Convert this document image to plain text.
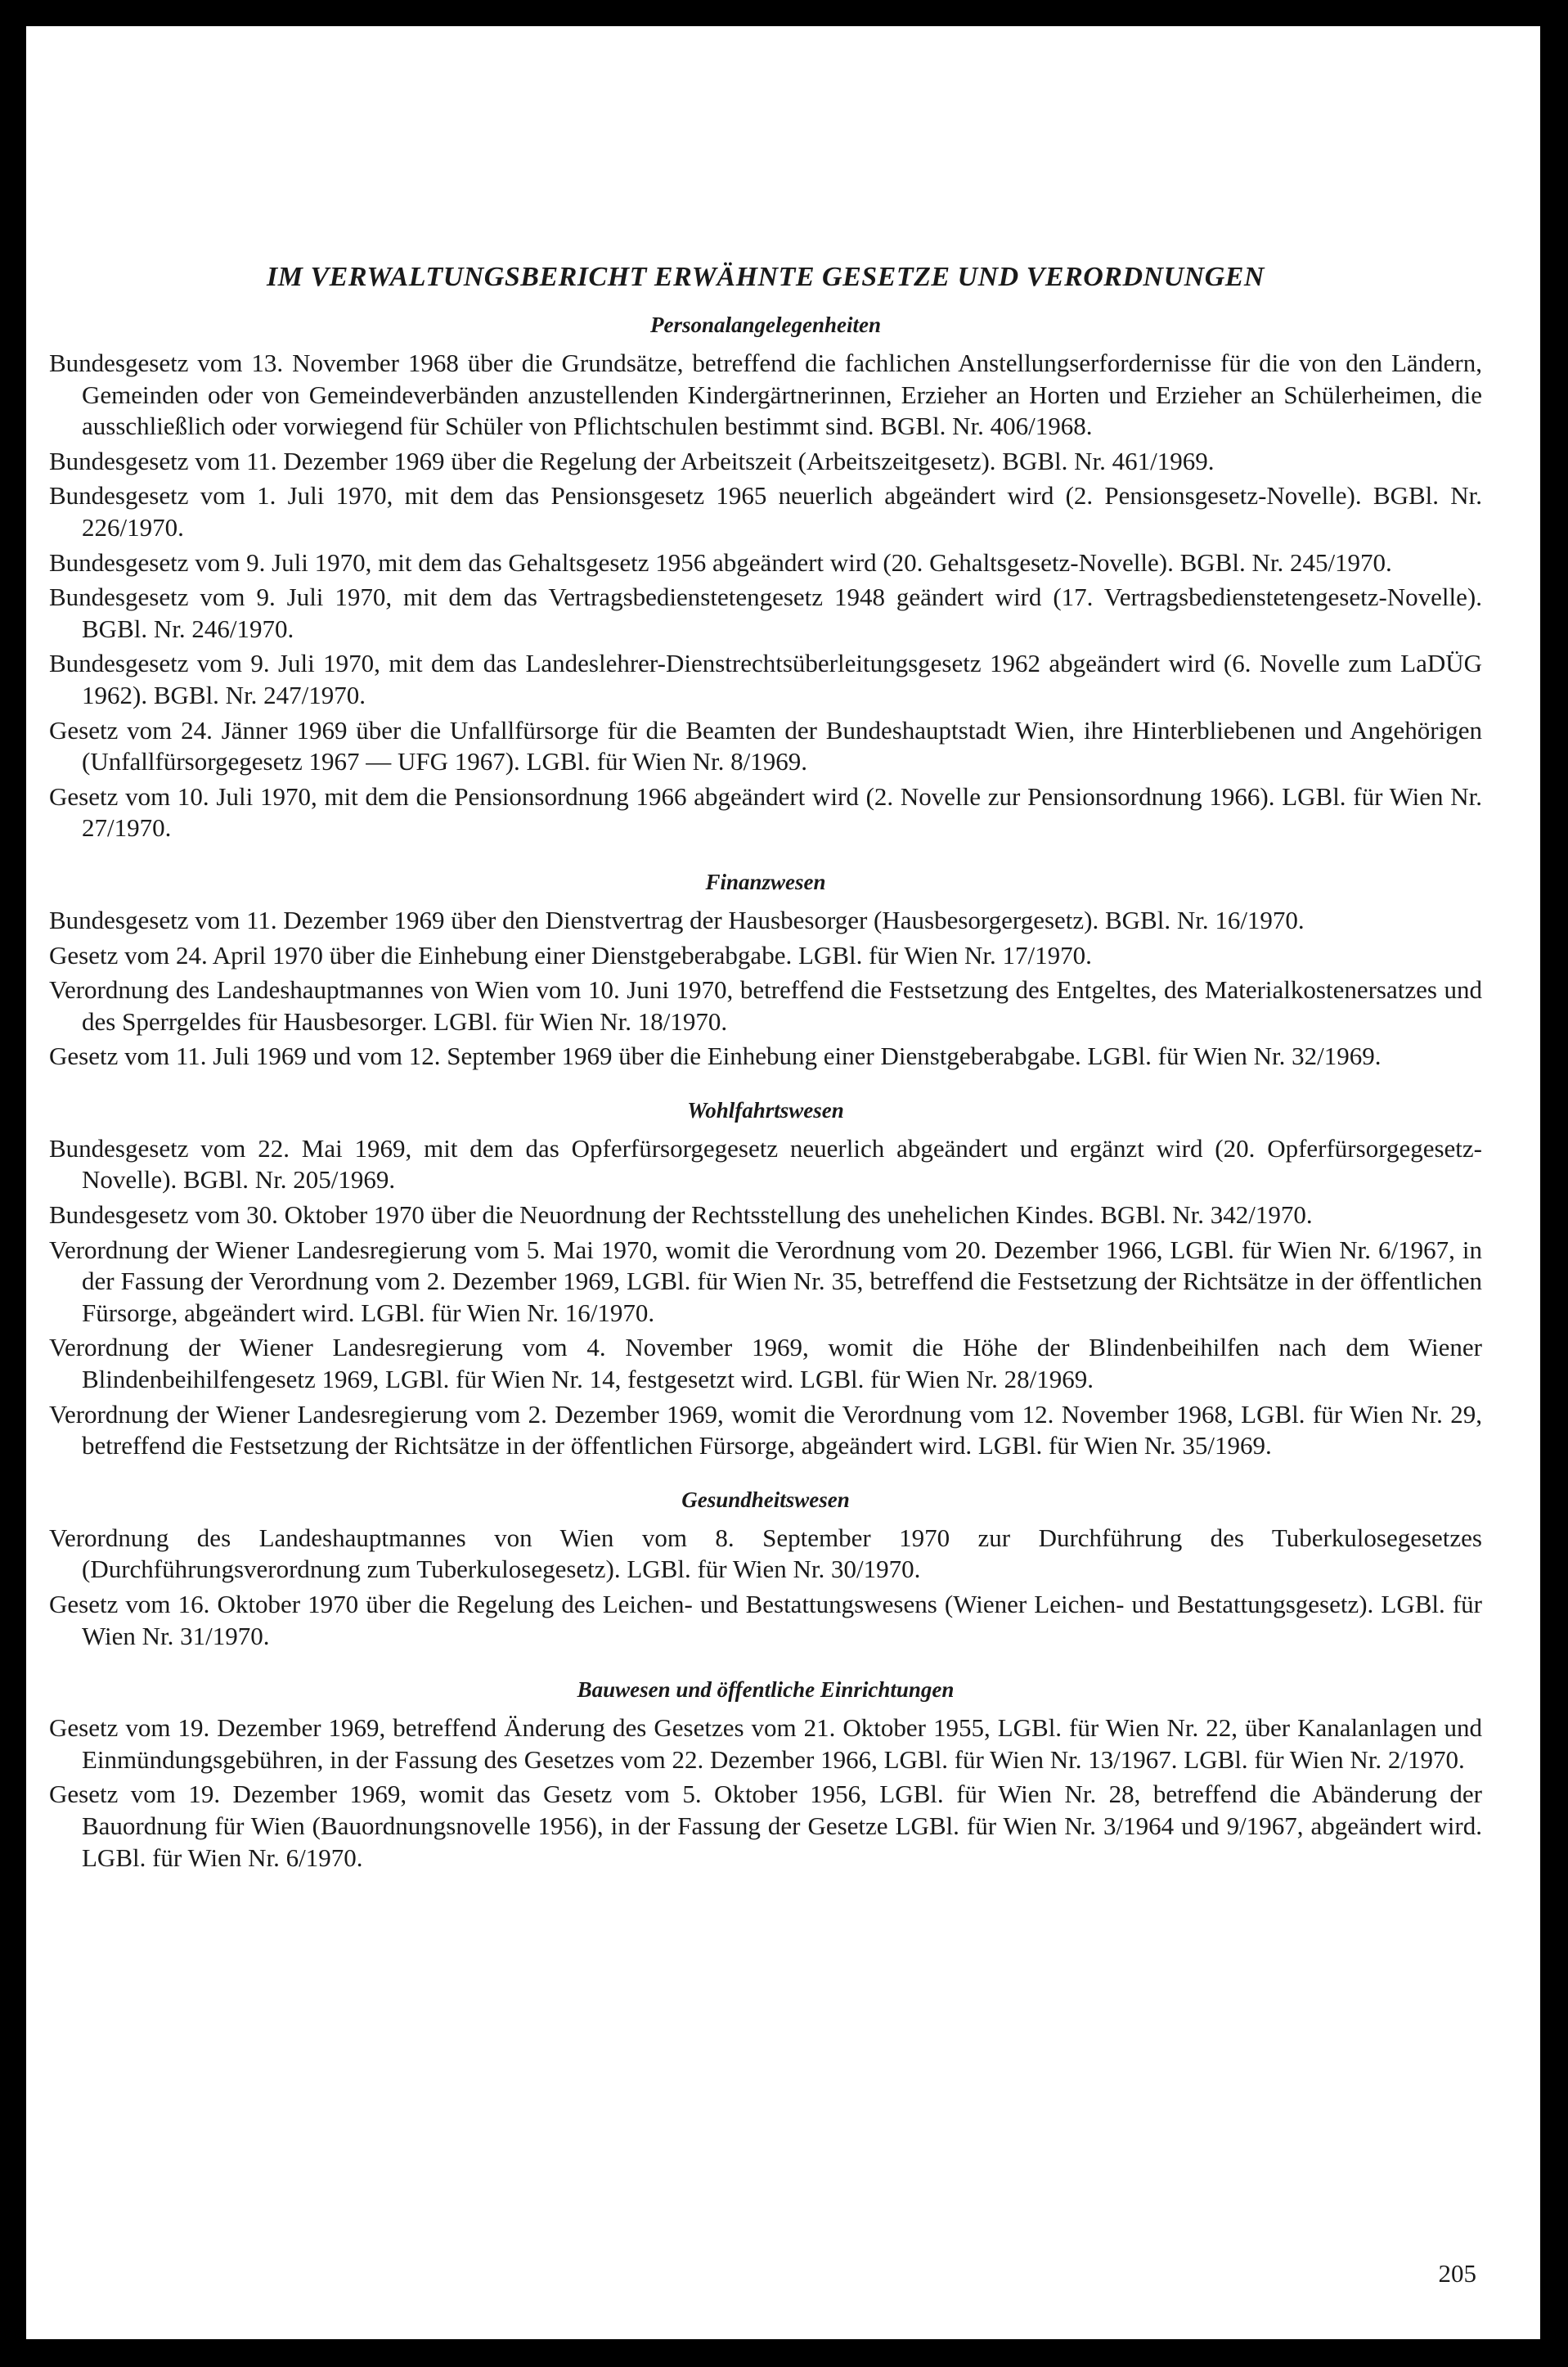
IM VERWALTUNGSBERICHT ERWÄHNTE GESETZE UND VERORDNUNGEN
Personalangelegenheiten

Bundesgesetz vom 13. November 1968 über die Grundsätze, betreffend die fachlichen Anstellungserfordernisse für die von den Ländern, Gemeinden oder von Gemeindeverbänden anzustellenden Kindergärtnerinnen, Erzieher an Horten und Erzieher an Schülerheimen, die ausschließlich oder vorwiegend für Schüler von Pflichtschulen bestimmt sind. BGBl. Nr. 406/1968.

Bundesgesetz vom 11. Dezember 1969 über die Regelung der Arbeitszeit (Arbeitszeitgesetz). BGBl. Nr. 461/1969.

Bundesgesetz vom 1. Juli 1970, mit dem das Pensionsgesetz 1965 neuerlich abgeändert wird (2. Pensionsgesetz-Novelle). BGBl. Nr. 226/1970.

Bundesgesetz vom 9. Juli 1970, mit dem das Gehaltsgesetz 1956 abgeändert wird (20. Gehaltsgesetz-Novelle). BGBl. Nr. 245/1970.

Bundesgesetz vom 9. Juli 1970, mit dem das Vertragsbedienstetengesetz 1948 geändert wird (17. Vertragsbedienstetengesetz-Novelle). BGBl. Nr. 246/1970.

Bundesgesetz vom 9. Juli 1970, mit dem das Landeslehrer-Dienstrechtsüberleitungsgesetz 1962 abgeändert wird (6. Novelle zum LaDÜG 1962). BGBl. Nr. 247/1970.

Gesetz vom 24. Jänner 1969 über die Unfallfürsorge für die Beamten der Bundeshauptstadt Wien, ihre Hinterbliebenen und Angehörigen (Unfallfürsorgegesetz 1967 — UFG 1967). LGBl. für Wien Nr. 8/1969.

Gesetz vom 10. Juli 1970, mit dem die Pensionsordnung 1966 abgeändert wird (2. Novelle zur Pensionsordnung 1966). LGBl. für Wien Nr. 27/1970.

Finanzwesen

Bundesgesetz vom 11. Dezember 1969 über den Dienstvertrag der Hausbesorger (Hausbesorgergesetz). BGBl. Nr. 16/1970.

Gesetz vom 24. April 1970 über die Einhebung einer Dienstgeberabgabe. LGBl. für Wien Nr. 17/1970.

Verordnung des Landeshauptmannes von Wien vom 10. Juni 1970, betreffend die Festsetzung des Entgeltes, des Materialkostenersatzes und des Sperrgeldes für Hausbesorger. LGBl. für Wien Nr. 18/1970.

Gesetz vom 11. Juli 1969 und vom 12. September 1969 über die Einhebung einer Dienstgeberabgabe. LGBl. für Wien Nr. 32/1969.

Wohlfahrtswesen

Bundesgesetz vom 22. Mai 1969, mit dem das Opferfürsorgegesetz neuerlich abgeändert und ergänzt wird (20. Opferfürsorgegesetz-Novelle). BGBl. Nr. 205/1969.

Bundesgesetz vom 30. Oktober 1970 über die Neuordnung der Rechtsstellung des unehelichen Kindes. BGBl. Nr. 342/1970.

Verordnung der Wiener Landesregierung vom 5. Mai 1970, womit die Verordnung vom 20. Dezember 1966, LGBl. für Wien Nr. 6/1967, in der Fassung der Verordnung vom 2. Dezember 1969, LGBl. für Wien Nr. 35, betreffend die Festsetzung der Richtsätze in der öffentlichen Fürsorge, abgeändert wird. LGBl. für Wien Nr. 16/1970.

Verordnung der Wiener Landesregierung vom 4. November 1969, womit die Höhe der Blindenbeihilfen nach dem Wiener Blindenbeihilfengesetz 1969, LGBl. für Wien Nr. 14, festgesetzt wird. LGBl. für Wien Nr. 28/1969.

Verordnung der Wiener Landesregierung vom 2. Dezember 1969, womit die Verordnung vom 12. November 1968, LGBl. für Wien Nr. 29, betreffend die Festsetzung der Richtsätze in der öffentlichen Fürsorge, abgeändert wird. LGBl. für Wien Nr. 35/1969.

Gesundheitswesen

Verordnung des Landeshauptmannes von Wien vom 8. September 1970 zur Durchführung des Tuberkulosegesetzes (Durchführungsverordnung zum Tuberkulosegesetz). LGBl. für Wien Nr. 30/1970.

Gesetz vom 16. Oktober 1970 über die Regelung des Leichen- und Bestattungswesens (Wiener Leichen- und Bestattungsgesetz). LGBl. für Wien Nr. 31/1970.

Bauwesen und öffentliche Einrichtungen

Gesetz vom 19. Dezember 1969, betreffend Änderung des Gesetzes vom 21. Oktober 1955, LGBl. für Wien Nr. 22, über Kanalanlagen und Einmündungsgebühren, in der Fassung des Gesetzes vom 22. Dezember 1966, LGBl. für Wien Nr. 13/1967. LGBl. für Wien Nr. 2/1970.

Gesetz vom 19. Dezember 1969, womit das Gesetz vom 5. Oktober 1956, LGBl. für Wien Nr. 28, betreffend die Abänderung der Bauordnung für Wien (Bauordnungsnovelle 1956), in der Fassung der Gesetze LGBl. für Wien Nr. 3/1964 und 9/1967, abgeändert wird. LGBl. für Wien Nr. 6/1970.

205
